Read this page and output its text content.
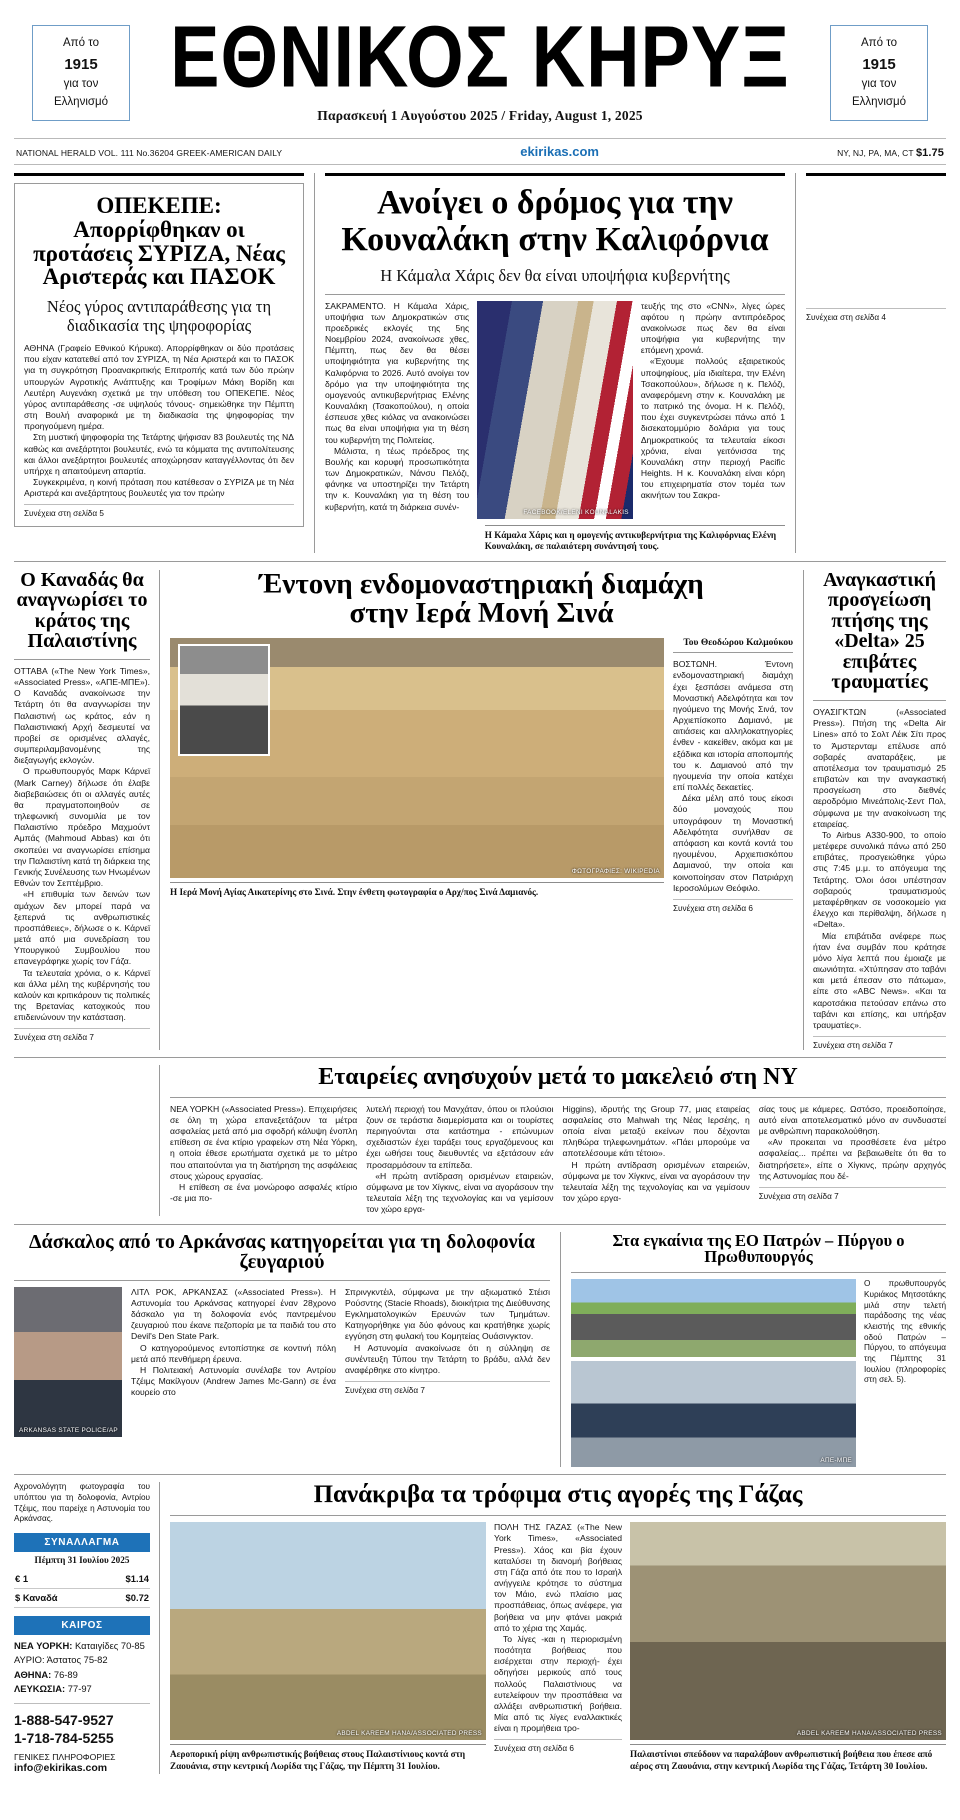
Από το
1915
για τον
Ελληνισμό ΕΘΝΙΚΟΣ ΚΗΡΥΞ
Παρασκευή 1 Αυγούστου 2025 / Friday, August 1, 2025
Από το
1915
για τον
Ελληνισμό
NATIONAL HERALD VOL. 111 No.36204 GREEK-AMERICAN DAILY	ekirikas.com	NY, NJ, PA, MA, CT $1.75
ΟΠΕΚΕΠΕ: Απορρίφθηκαν οι προτάσεις ΣΥΡΙΖΑ, Νέας Αριστεράς και ΠΑΣΟΚ
Νέος γύρος αντιπαράθεσης για τη διαδικασία της ψηφοφορίας

ΑΘΗΝΑ (Γραφείο Εθνικού Κήρυκα). Απορρίφθηκαν οι δύο προτάσεις που είχαν κατατεθεί από τον ΣΥΡΙΖΑ, τη Νέα Αριστερά και το ΠΑΣΟΚ για τη συγκρότηση Προανακριτικής Επιτροπής κατά των δύο πρώην υπουργών Αγροτικής Ανάπτυξης και Τροφίμων Μάκη Βορίδη και Λευτέρη Αυγενάκη σχετικά με την υπόθεση του ΟΠΕΚΕΠΕ. Νέος γύρος αντιπαράθεσης -σε υψηλούς τόνους- σημειώθηκε την Πέμπτη στη Βουλή αναφορικά με τη διαδικασία της ψηφοφορίας την προηγούμενη ημέρα.

Στη μυστική ψηφοφορία της Τετάρτης ψήφισαν 83 βουλευτές της ΝΔ καθώς και ανεξάρτητοι βουλευτές, ενώ τα κόμματα της αντιπολίτευσης και άλλοι ανεξάρτητοι βουλευτές αποχώρησαν καταγγέλλοντας ότι δεν υπήρχε η απαιτούμενη απαρτία.

Συγκεκριμένα, η κοινή πρόταση που κατέθεσαν ο ΣΥΡΙΖΑ με τη Νέα Αριστερά και ανεξάρτητους βουλευτές για τον πρώην

Συνέχεια στη σελίδα 5
Ανοίγει ο δρόμος για την
Κουναλάκη στην Καλιφόρνια
Η Κάμαλα Χάρις δεν θα είναι υποψήφια κυβερνήτης

ΣΑΚΡΑΜΕΝΤΟ. Η Κάμαλα Χάρις, υποψήφια των Δημοκρατικών στις προεδρικές εκλογές της 5ης Νοεμβρίου 2024, ανακοίνωσε χθες, Πέμπτη, πως δεν θα θέσει υποψηφιότητα για κυβερνήτης της Καλιφόρνια το 2026. Αυτό ανοίγει τον δρόμο για την υποψηφιότητα της ομογενούς αντικυβερνήτριας Ελένης Κουναλάκη (Τσακοπούλου), η οποία έσπευσε χθες κιόλας να ανακοινώσει πως θα είναι υποψήφια για τη θέση του κυβερνήτη της Πολιτείας.

Μάλιστα, η τέως πρόεδρος της Βουλής και κορυφή προσωπικότητα των Δημοκρατικών, Νάνσυ Πελόζι, φάνηκε να υποστηρίζει την Τετάρτη την κ. Κουναλάκη για τη θέση του κυβερνήτη, κατά τη διάρκεια συνέν-

FACEBOOK/ELENI KOUNALAKIS

τευξής της στο «CNN», λίγες ώρες αφότου η πρώην αντιπρόεδρος ανακοίνωσε πως δεν θα είναι υποψήφια για κυβερνήτης την επόμενη χρονιά.

«Έχουμε πολλούς εξαιρετικούς υποψηφίους, μία ιδιαίτερα, την Ελένη Τσακοπούλου», δήλωσε η κ. Πελόζι, αναφερόμενη στην κ. Κουναλάκη με το πατρικό της όνομα. Η κ. Πελόζι, που έχει συγκεντρώσει πάνω από 1 δισεκατομμύριο δολάρια για τους Δημοκρατικούς τα τελευταία είκοσι χρόνια, είναι γειτόνισσα της Κουναλάκη στην περιοχή Pacific Heights. Η κ. Κουναλάκη είναι κόρη του επιχειρηματία στον τομέα των ακινήτων του Σακρα-

Η Κάμαλα Χάρις και η ομογενής αντικυβερνήτρια της Καλιφόρνιας Ελένη Κουναλάκη, σε παλαιότερη συνάντησή τους.
Συνέχεια στη σελίδα 4
Ο Καναδάς θα αναγνωρίσει το κράτος της Παλαιστίνης

ΟΤΤΑΒΑ («The New York Times», «Associated Press», «ΑΠΕ-ΜΠΕ»). Ο Καναδάς ανακοίνωσε την Τετάρτη ότι θα αναγνωρίσει την Παλαιστινή ως κράτος, εάν η Παλαιστινιακή Αρχή δεσμευτεί να προβεί σε ορισμένες αλλαγές, συμπεριλαμβανομένης της διεξαγωγής εκλογών.

Ο πρωθυπουργός Μαρκ Κάρνεϊ (Mark Carney) δήλωσε ότι έλαβε διαβεβαιώσεις ότι οι αλλαγές αυτές θα πραγματοποιηθούν σε τηλεφωνική συνομιλία με τον Παλαιστίνιο πρόεδρο Μαχμούντ Αμπάς (Mahmoud Abbas) και ότι σκοπεύει να αναγνωρίσει επίσημα την Παλαιστίνη κατά τη διάρκεια της Γενικής Συνέλευσης των Ηνωμένων Εθνών τον Σεπτέμβριο.

«Η επιθυμία των δεινών των αμάχων δεν μπορεί παρά να ξεπερνά τις ανθρωπιστικές προσπάθειες», δήλωσε ο κ. Κάρνεϊ μετά από μια συνεδρίαση του Υπουργικού Συμβουλίου που επανεγράφηκε χωρίς τον Γάζα.

Τα τελευταία χρόνια, ο κ. Κάρνεϊ και άλλα μέλη της κυβέρνησής του καλούν και κριτικάρουν τις πολιτικές της Βρετανίας κατοχικούς που επιδεινώνουν την κατάσταση.

Συνέχεια στη σελίδα 7
Έντονη ενδομοναστηριακή διαμάχη
στην Ιερά Μονή Σινά
ΦΩΤΟΓΡΑΦΙΕΣ: WIKIPEDIA
Η Ιερά Μονή Αγίας Αικατερίνης στο Σινά. Στην ένθετη φωτογραφία ο Αρχ/πος Σινά Δαμιανός.
Του Θεοδώρου Καλμούκου

ΒΟΣΤΩΝΗ. Έντονη ενδομοναστηριακή διαμάχη έχει ξεσπάσει ανάμεσα στη Μοναστική Αδελφότητα και τον ηγούμενο της Μονής Σινά, τον Αρχιεπίσκοπο Δαμιανό, με αιτιάσεις και αλληλοκατηγορίες ένθεν - κακείθεν, ακόμα και με εξάδικα και ιστορία αποπομπής του κ. Δαμιανού από την ηγουμενία την οποία κατέχει επί πολλές δεκαετίες.

Δέκα μέλη από τους είκοσι δύο μοναχούς που υπογράφουν τη Μοναστική Αδελφότητα συνήλθαν σε απόφαση και κοντά κοντά του ηγουμένου, Αρχιεπισκόπου Δαμιανού, την οποία και κοινοποίησαν στον Πατριάρχη Ιεροσολύμων Θεόφιλο.

Συνέχεια στη σελίδα 6
Αναγκαστική προσγείωση πτήσης της «Delta» 25 επιβάτες τραυματίες

ΟΥΑΣΙΓΚΤΩΝ («Associated Press»). Πτήση της «Delta Air Lines» από το Σολτ Λέικ Σίτι προς το Άμστερνταμ επέλυσε από σοβαρές αναταράξεις, με αποτέλεσμα τον τραυματισμό 25 επιβατών και την αναγκαστική προσγείωση στο διεθνές αεροδρόμιο Μινεάπολις-Σεντ Πολ, σύμφωνα με την ανακοίνωση της εταιρείας.

Το Airbus A330-900, το οποίο μετέφερε συνολικά πάνω από 250 επιβάτες, προσγειώθηκε γύρω στις 7:45 μ.μ. το απόγευμα της Τετάρτης. Όλοι όσοι υπέστησαν σοβαρούς τραυματισμούς μεταφέρθηκαν σε νοσοκομείο για έλεγχο και περίθαλψη, δήλωσε η «Delta».

Μία επιβάτιδα ανέφερε πως ήταν ένα συμβάν που κράτησε μόνο λίγα λεπτά που έμοιαζε με αιωνιότητα. «Χτύπησαν στο ταβάνι και μετά έπεσαν στο πάτωμα», είπε στο «ABC News». «Και τα καροτσάκια πετούσαν επάνω στο ταβάνι και επίσης, και υπήρξαν τραυματίες».

Συνέχεια στη σελίδα 7
Εταιρείες ανησυχούν μετά το μακελειό στη ΝΥ

ΝΕΑ ΥΟΡΚΗ («Associated Press»). Επιχειρήσεις σε όλη τη χώρα επανεξετάζουν τα μέτρα ασφαλείας μετά από μια σφοδρή κάλυψη ένοπλη επίθεση σε ένα κτίριο γραφείων στη Νέα Υόρκη, η οποία έθεσε ερωτήματα σχετικά με το μέτρο που απαιτούνται για τη διατήρηση της ασφάλειας στους χώρους εργασίας.

Η επίθεση σε ένα μονώροφο ασφαλές κτίριο -σε μια πο-

λυτελή περιοχή του Μανχάταν, όπου οι πλούσιοι ζουν σε τεράστια διαμερίσματα και οι τουρίστες περιηγούνται στα κατάστημα - επώνυμων σχεδιαστών έχει ταράξει τους εργαζόμενους και έχει ωθήσει τους διευθυντές να εξετάσουν εάν προσαρμόσουν τα επίπεδα.

«Η πρώτη αντίδραση ορισμένων εταιρειών, σύμφωνα με τον Χίγκινς, είναι να αγοράσουν την τελευταία λέξη της τεχνολογίας και να γεμίσουν τον χώρο εργα-

Higgins), ιδρυτής της Group 77, μιας εταιρείας ασφαλείας στο Mahwah της Νέας Ιερσέης, η οποία είναι μεταξύ εκείνων που δέχονται πληθώρα τηλεφωνημάτων. «Πάει μπορούμε να αποτελέσουμε κάτι τέτοιο».

Η πρώτη αντίδραση ορισμένων εταιρειών, σύμφωνα με τον Χίγκινς, είναι να αγοράσουν την τελευταία λέξη της τεχνολογίας και να γεμίσουν τον χώρο εργα-

σίας τους με κάμερες. Ωστόσο, προειδοποίησε, αυτό είναι αποτελεσματικό μόνο αν συνδυαστεί με ανθρώπινη παρακολούθηση.

«Αν προκειται να προσθέσετε ένα μέτρο ασφαλείας... πρέπει να βεβαιωθείτε ότι θα το διατηρήσετε», είπε ο Χίγκινς, πρώην αρχηγός της Αστυνομίας που δέ-

Συνέχεια στη σελίδα 7
Δάσκαλος από το Αρκάνσας κατηγορείται για τη δολοφονία ζευγαριού
ARKANSAS STATE POLICE/AP

ΛΙΤΛ ΡΟΚ, ΑΡΚΑΝΣΑΣ («Associated Press»). Η Αστυνομία του Αρκάνσας κατηγορεί έναν 28χρονο δάσκαλο για τη δολοφονία ενός παντρεμένου ζευγαριού που έκανε πεζοπορία με τα παιδιά του στο Devil's Den State Park.

Ο κατηγορούμενος εντοπίστηκε σε κοντινή πόλη μετά από πενθήμερη έρευνα.

Η Πολιτειακή Αστυνομία συνέλαβε τον Αντρίου Τζέιμς Μακίλγουν (Andrew James Mc-Gann) σε ένα κουρείο στο

Σπρινγκντέιλ, σύμφωνα με την αξιωματικό Στέισι Ρούσντης (Stacie Rhoads), διοικήτρια της Διεύθυνσης Εγκληματολογικών Ερευνών των Τμημάτων. Κατηγορήθηκε για δύο φόνους και κρατήθηκε χωρίς εγγύηση στη φυλακή του Κομητείας Ουάσινγκτον.

Η Αστυνομία ανακοίνωσε ότι η σύλληψη σε συνέντευξη Τύπου την Τετάρτη το βράδυ, αλλά δεν αναφέρθηκε στο κίνητρο.

Συνέχεια στη σελίδα 7
Στα εγκαίνια της ΕΟ Πατρών – Πύργου ο Πρωθυπουργός
ΑΠΕ-ΜΠΕ

Ο πρωθυπουργός Κυριάκος Μητσοτάκης μιλά στην τελετή παράδοσης της νέας κλειστής της εθνικής οδού Πατρών – Πύργου, το απόγευμα της Πέμπτης 31 Ιουλίου (πληροφορίες στη σελ. 5).

Αχρονολόγητη φωτογραφία του υπόπτου για τη δολοφονία, Αντρίου Τζέιμς, που παρείχε η Αστυνομία του Αρκάνσας.

ΣΥΝΑΛΛΑΓΜΑ
Πέμπτη 31 Ιουλίου 2025
€ 1	$1.14
$ Καναδά	$0.72
ΚΑΙΡΟΣ
ΝΕΑ ΥΟΡΚΗ: Καταιγίδες 70-85
ΑΥΡΙΟ: Άστατος 75-82
ΑΘΗΝΑ: 76-89
ΛΕΥΚΩΣΙΑ: 77-97
1-888-547-9527
1-718-784-5255
ΓΕΝΙΚΕΣ ΠΛΗΡΟΦΟΡΙΕΣ
info@ekirikas.com
Πανάκριβα τα τρόφιμα στις αγορές της Γάζας
ABDEL KAREEM HANA/ASSOCIATED PRESS
Αεροπορική ρίψη ανθρωπιστικής βοήθειας στους Παλαιστίνιους κοντά στη Ζαουάνια, στην κεντρική Λωρίδα της Γάζας, την Πέμπτη 31 Ιουλίου.

ΠΟΛΗ ΤΗΣ ΓΑΖΑΣ («The New York Times», «Associated Press»). Χάος και βία έχουν καταλύσει τη διανομή βοήθειας στη Γάζα από ότε που το Ισραήλ ανήγγειλε κρότησε το σύστημα τον Μάιο, ενώ πλαίσιο μας προσπάθειας, όπως ανέφερε, για βοήθεια να μην φτάνει μακριά από το χέρια της Χαμάς.

Το λίγες -και η περιορισμένη ποσότητα βοήθειας που εισέρχεται στην περιοχή- έχει οδηγήσει μερικούς από τους πολλούς Παλαιστίνιους να ευτελείφουν την προσπάθεια να αλλάξει ανθρωπιστική βοήθεια. Μία από τις λίγες εναλλακτικές είναι η προμήθεια τρο-

Συνέχεια στη σελίδα 6
ABDEL KAREEM HANA/ASSOCIATED PRESS
Παλαιστίνιοι σπεύδουν να παραλάβουν ανθρωπιστική βοήθεια που έπεσε από αέρος στη Ζαουάνια, στην κεντρική Λωρίδα της Γάζας, Τετάρτη 30 Ιουλίου.
